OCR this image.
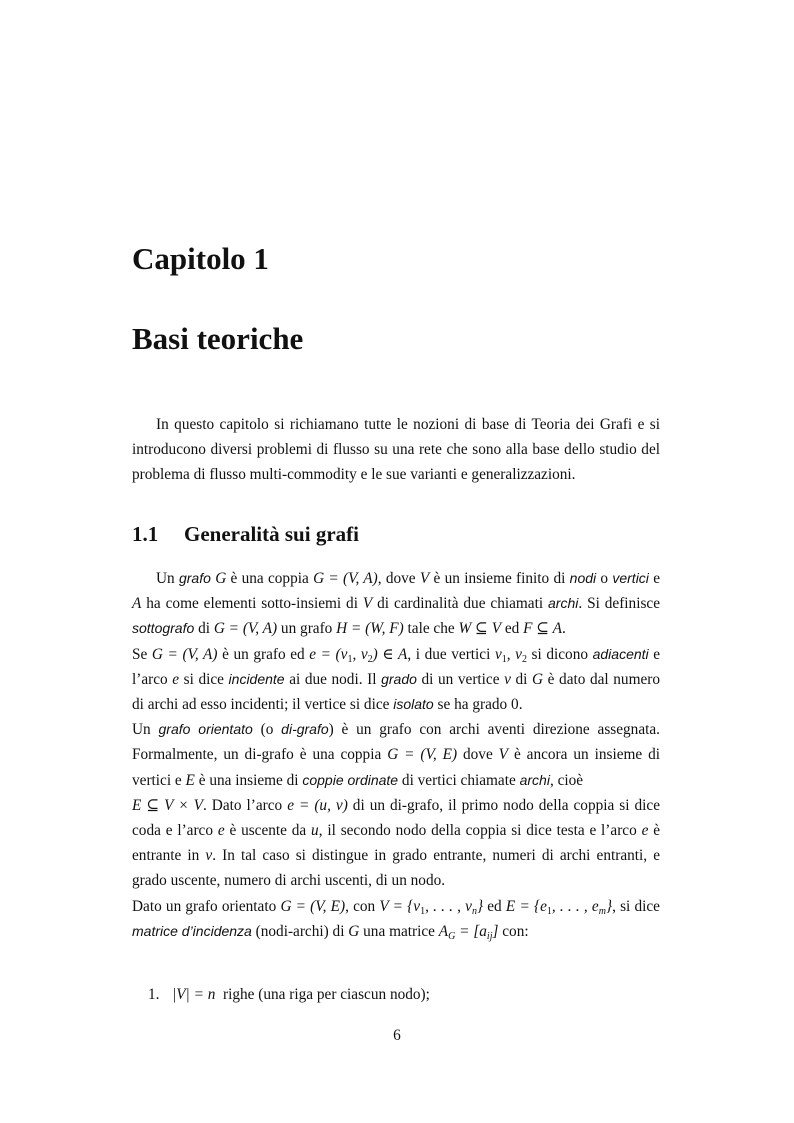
Capitolo 1
Basi teoriche

In questo capitolo si richiamano tutte le nozioni di base di Teoria dei Grafi e si introducono diversi problemi di flusso su una rete che sono alla base dello studio del problema di flusso multi-commodity e le sue varianti e generalizzazioni.

1.1 Generalità sui grafi

Un grafo G è una coppia G = (V, A), dove V è un insieme finito di nodi o vertici e A ha come elementi sotto-insiemi di V di cardinalità due chiamati archi. Si definisce sottografo di G = (V, A) un grafo H = (W, F) tale che W ⊆ V ed F ⊆ A.

Se G = (V, A) è un grafo ed $e = (v_1$, $v_2$) ∈ A, i due vertici $v_1$, $v_2$ si dicono adiacenti e l’arco e si dice incidente ai due nodi. Il grado di un vertice v di G è dato dal numero di archi ad esso incidenti; il vertice si dice isolato se ha grado 0.

Un grafo orientato (o di-grafo) è un grafo con archi aventi direzione assegnata. Formalmente, un di-grafo è una coppia G = (V, E) dove V è ancora un insieme di vertici e E è una insieme di coppie ordinate di vertici chiamate archi, cioè
E ⊆ V × V. Dato l’arco e = (u, v) di un di-grafo, il primo nodo della coppia si dice coda e l’arco e è uscente da u, il secondo nodo della coppia si dice testa e l’arco e è entrante in v. In tal caso si distingue in grado entrante, numeri di archi entranti, e grado uscente, numero di archi uscenti, di un nodo.

Dato un grafo orientato G = (V, E), con $V = \{v_1$, . . . , $v_n$} ed $E = \{e_1$, . . . , $e_m$}, si dice matrice d’incidenza (nodi-archi) di G una matrice $A_G = [a_{ij}]$ con:

1. |V| = n righe (una riga per ciascun nodo);
6
